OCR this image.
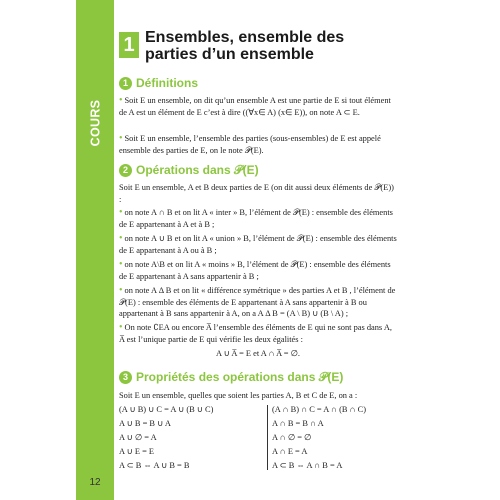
COURS
12
1 Ensembles, ensemble des parties d’un ensemble
1 Définitions
• Soit E un ensemble, on dit qu’un ensemble A est une partie de E si tout élément de A est un élément de E c’est à dire ((∀x∈ A) (x∈ E)), on note A ⊂ E.
• Soit E un ensemble, l’ensemble des parties (sous-ensembles) de E est appelé ensemble des parties de E, on le note 𝒫(E).
2 Opérations dans 𝒫(E)
Soit E un ensemble, A et B deux parties de E (on dit aussi deux éléments de 𝒫(E)) :
• on note A ∩ B et on lit A « inter » B, l’élément de 𝒫(E) : ensemble des éléments de E appartenant à A et à B ;
• on note A ∪ B et on lit A « union » B, l’élément de 𝒫(E) : ensemble des éléments de E appartenant à A ou à B ;
• on note A\B et on lit A « moins » B, l’élément de 𝒫(E) : ensemble des éléments de E appartenant à A sans appartenir à B ;
• on note A Δ B et on lit « différence symétrique » des parties A et B , l’élément de 𝒫(E) : ensemble des éléments de E appartenant à A sans appartenir à B ou appartenant à B sans appartenir à A, on a A Δ B = (A \ B) ∪ (B \ A) ;
• On note ∁EA ou encore A̅ l’ensemble des éléments de E qui ne sont pas dans A, A̅ est l’unique partie de E qui vérifie les deux égalités :
A ∪ A̅ = E et A ∩ A̅ = ∅.
3 Propriétés des opérations dans 𝒫(E)
Soit E un ensemble, quelles que soient les parties A, B et C de E, on a :
(A ∪ B) ∪ C = A ∪ (B ∪ C)
A ∪ B = B ∪ A
A ∪ ∅ = A
A ∪ E = E
A ⊂ B ⇔ A ∪ B = B
(A ∩ B) ∩ C = A ∩ (B ∩ C)
A ∩ B = B ∩ A
A ∩ ∅ = ∅
A ∩ E = A
A ⊂ B ⇔ A ∩ B = A
